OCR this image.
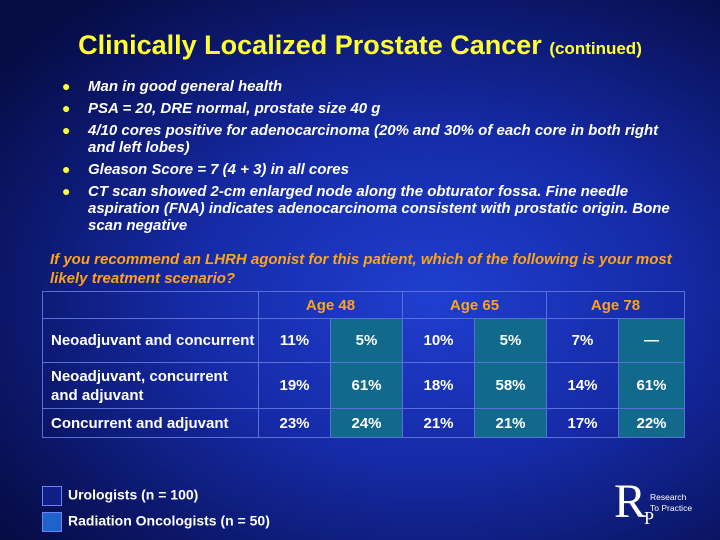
Clinically Localized Prostate Cancer (continued)
● Man in good general health
● PSA = 20, DRE normal, prostate size 40 g
● 4/10 cores positive for adenocarcinoma (20% and 30% of each core in both right and left lobes)
● Gleason Score = 7 (4 + 3) in all cores
● CT scan showed 2-cm enlarged node along the obturator fossa. Fine needle aspiration (FNA) indicates adenocarcinoma consistent with prostatic origin. Bone scan negative
If you recommend an LHRH agonist for this patient, which of the following is your most likely treatment scenario?
	Age 48		Age 65		Age 78	
Neoadjuvant and concurrent	11%	5%	10%	5%	7%	—
Neoadjuvant, concurrent and adjuvant	19%	61%	18%	58%	14%	61%
Concurrent and adjuvant	23%	24%	21%	21%	17%	22%
Urologists (n = 100)
Radiation Oncologists (n = 50)	R
P
Research
To Practice
